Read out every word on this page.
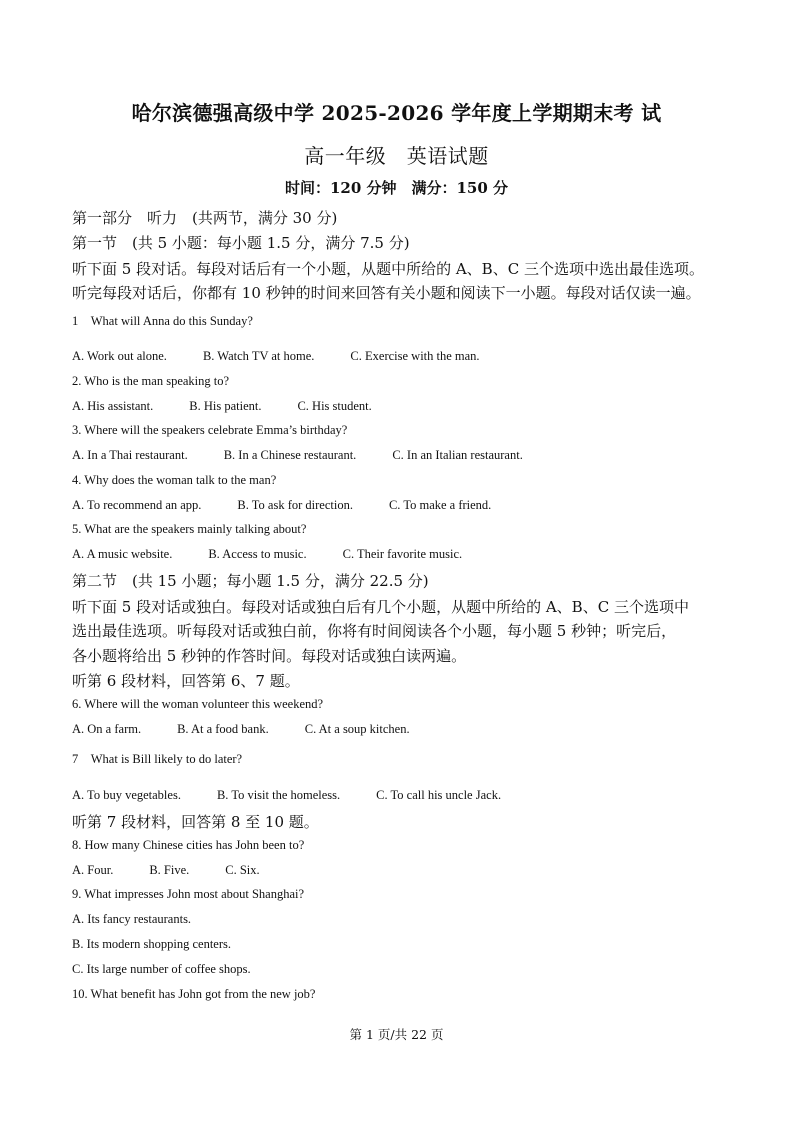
哈尔滨德强高级中学 2025-2026 学年度上学期期末考 试
高一年级　英语试题
时间：120 分钟　满分：150 分
第一部分　听力　(共两节，满分 30 分)
第一节　(共 5 小题：每小题 1.5 分，满分 7.5 分)
听下面 5 段对话。每段对话后有一个小题，从题中所给的 A、B、C 三个选项中选出最佳选项。
听完每段对话后，你都有 10 秒钟的时间来回答有关小题和阅读下一小题。每段对话仅读一遍。
1　What will Anna do this Sunday?
A. Work out alone.	B. Watch TV at home.	C. Exercise with the man.
2. Who is the man speaking to?
A. His assistant.	B. His patient.	C. His student.
3. Where will the speakers celebrate Emma’s birthday?
A. In a Thai restaurant.	B. In a Chinese restaurant.	C. In an Italian restaurant.
4. Why does the woman talk to the man?
A. To recommend an app.	B. To ask for direction.	C. To make a friend.
5. What are the speakers mainly talking about?
A. A music website.	B. Access to music.	C. Their favorite music.
第二节　(共 15 小题；每小题 1.5 分，满分 22.5 分)
听下面 5 段对话或独白。每段对话或独白后有几个小题，从题中所给的 A、B、C 三个选项中
选出最佳选项。听每段对话或独白前，你将有时间阅读各个小题，每小题 5 秒钟；听完后，
各小题将给出 5 秒钟的作答时间。每段对话或独白读两遍。
听第 6 段材料，回答第 6、7 题。
6. Where will the woman volunteer this weekend?
A. On a farm.	B. At a food bank.	C. At a soup kitchen.
7　What is Bill likely to do later?
A. To buy vegetables.	B. To visit the homeless.	C. To call his uncle Jack.
听第 7 段材料，回答第 8 至 10 题。
8. How many Chinese cities has John been to?
A. Four.	B. Five.	C. Six.
9. What impresses John most about Shanghai?
A. Its fancy restaurants.
B. Its modern shopping centers.
C. Its large number of coffee shops.
10. What benefit has John got from the new job?
第 1 页/共 22 页
